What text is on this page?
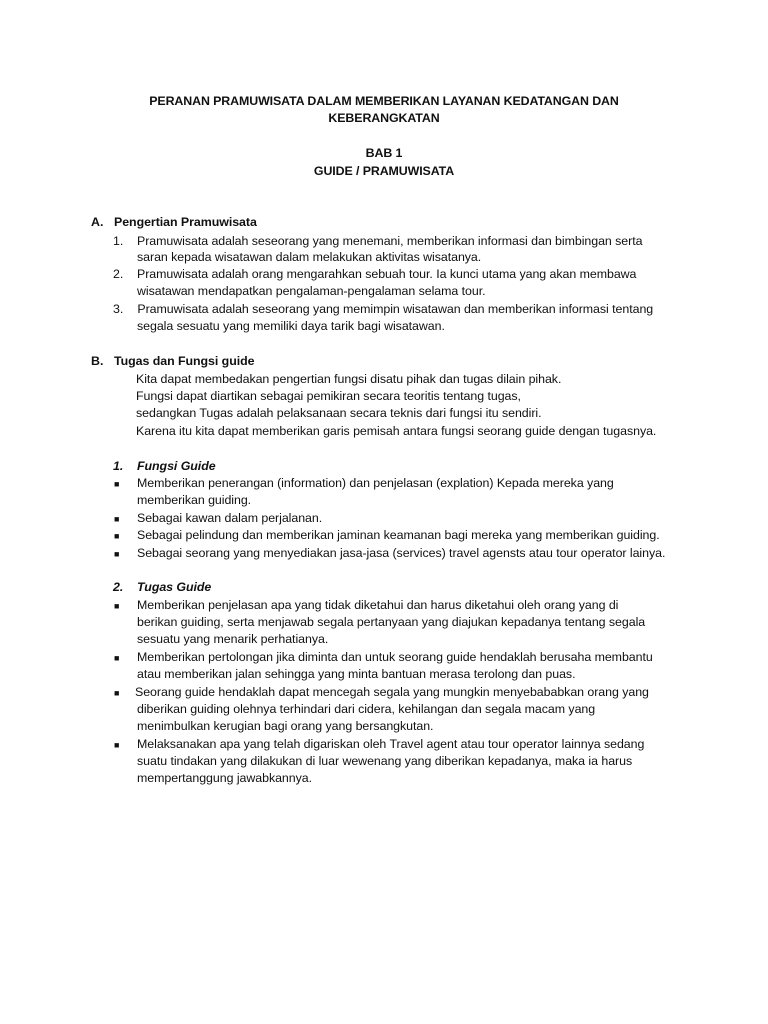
PERANAN PRAMUWISATA DALAM MEMBERIKAN LAYANAN KEDATANGAN DAN
KEBERANGKATAN
BAB 1
GUIDE / PRAMUWISATA
A. Pengertian Pramuwisata
1. Pramuwisata adalah seseorang yang menemani, memberikan informasi dan bimbingan serta
saran kepada wisatawan dalam melakukan aktivitas wisatanya.
2. Pramuwisata adalah orang mengarahkan sebuah tour. Ia kunci utama yang akan membawa
wisatawan mendapatkan pengalaman-pengalaman selama tour.
3. Pramuwisata adalah seseorang yang memimpin wisatawan dan memberikan informasi tentang
segala sesuatu yang memiliki daya tarik bagi wisatawan.
B. Tugas dan Fungsi guide
Kita dapat membedakan pengertian fungsi disatu pihak dan tugas dilain pihak.
Fungsi dapat diartikan sebagai pemikiran secara teoritis tentang tugas,
sedangkan Tugas adalah pelaksanaan secara teknis dari fungsi itu sendiri.
Karena itu kita dapat memberikan garis pemisah antara fungsi seorang guide dengan tugasnya.
1. Fungsi Guide
■ Memberikan penerangan (information) dan penjelasan (explation) Kepada mereka yang
memberikan guiding.
■ Sebagai kawan dalam perjalanan.
■ Sebagai pelindung dan memberikan jaminan keamanan bagi mereka yang memberikan guiding.
■ Sebagai seorang yang menyediakan jasa-jasa (services) travel agensts atau tour operator lainya.
2. Tugas Guide
■ Memberikan penjelasan apa yang tidak diketahui dan harus diketahui oleh orang yang di
berikan guiding, serta menjawab segala pertanyaan yang diajukan kepadanya tentang segala
sesuatu yang menarik perhatianya.
■ Memberikan pertolongan jika diminta dan untuk seorang guide hendaklah berusaha membantu
atau memberikan jalan sehingga yang minta bantuan merasa terolong dan puas.
■ Seorang guide hendaklah dapat mencegah segala yang mungkin menyebababkan orang yang
diberikan guiding olehnya terhindari dari cidera, kehilangan dan segala macam yang
menimbulkan kerugian bagi orang yang bersangkutan.
■ Melaksanakan apa yang telah digariskan oleh Travel agent atau tour operator lainnya sedang
suatu tindakan yang dilakukan di luar wewenang yang diberikan kepadanya, maka ia harus
mempertanggung jawabkannya.
